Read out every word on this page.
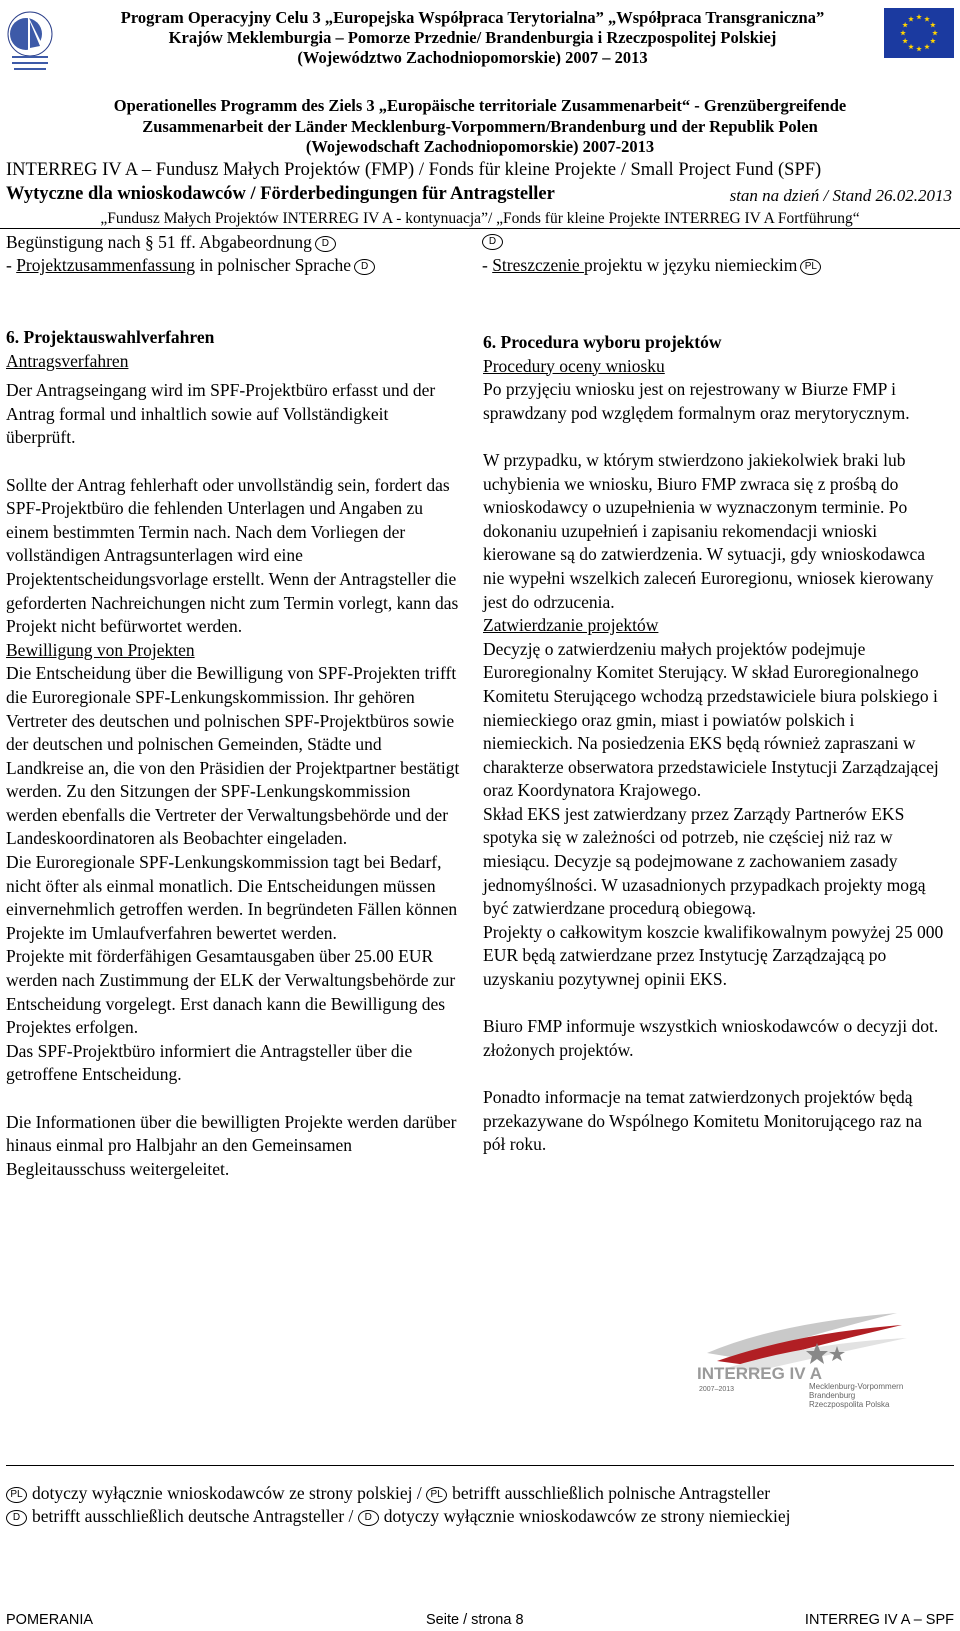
Program Operacyjny Celu 3 „Europejska Współpraca Terytorialna” „Współpraca Transgraniczna”
Krajów Meklemburgia – Pomorze Przednie/ Brandenburgia i Rzeczpospolitej Polskiej
(Województwo Zachodniopomorskie) 2007 – 2013
Operationelles Programm des Ziels 3 „Europäische territoriale Zusammenarbeit“ - Grenzübergreifende
Zusammenarbeit der Länder Mecklenburg-Vorpommern/Brandenburg und der Republik Polen
(Wojewodschaft Zachodniopomorskie) 2007-2013
INTERREG IV A – Fundusz Małych Projektów (FMP) / Fonds für kleine Projekte / Small Project Fund (SPF)
Wytyczne dla wnioskodawców / Förderbedingungen für Antragsteller	stan na dzień / Stand 26.02.2013
„Fundusz Małych Projektów INTERREG IV A - kontynuacja”/ „Fonds für kleine Projekte INTERREG IV A Fortführung“
Begünstigung nach § 51 ff. Abgabeordnung D
- Projektzusammenfassung in polnischer Sprache D
D
- Streszczenie projektu w języku niemieckim PL
6. Projektauswahlverfahren
Antragsverfahren

Der Antragseingang wird im SPF-Projektbüro erfasst und der Antrag formal und inhaltlich sowie auf Vollständigkeit überprüft.

Sollte der Antrag fehlerhaft oder unvollständig sein, fordert das SPF-Projektbüro die fehlenden Unterlagen und Angaben zu einem bestimmten Termin nach. Nach dem Vorliegen der vollständigen Antragsunterlagen wird eine Projektentscheidungsvorlage erstellt. Wenn der Antragsteller die geforderten Nachreichungen nicht zum Termin vorlegt, kann das Projekt nicht befürwortet werden.

Bewilligung von Projekten

Die Entscheidung über die Bewilligung von SPF-Projekten trifft die Euroregionale SPF-Lenkungskommission. Ihr gehören Vertreter des deutschen und polnischen SPF-Projektbüros sowie der deutschen und polnischen Gemeinden, Städte und Landkreise an, die von den Präsidien der Projektpartner bestätigt werden. Zu den Sitzungen der SPF-Lenkungskommission werden ebenfalls die Vertreter der Verwaltungsbehörde und der Landeskoordinatoren als Beobachter eingeladen.

Die Euroregionale SPF-Lenkungskommission tagt bei Bedarf, nicht öfter als einmal monatlich. Die Entscheidungen müssen einvernehmlich getroffen werden. In begründeten Fällen können Projekte im Umlaufverfahren bewertet werden.

Projekte mit förderfähigen Gesamtausgaben über 25.00 EUR werden nach Zustimmung der ELK der Verwaltungsbehörde zur Entscheidung vorgelegt. Erst danach kann die Bewilligung des Projektes erfolgen.

Das SPF-Projektbüro informiert die Antragsteller über die getroffene Entscheidung.

Die Informationen über die bewilligten Projekte werden darüber hinaus einmal pro Halbjahr an den Gemeinsamen Begleitausschuss weitergeleitet.

6. Procedura wyboru projektów
Procedury oceny wniosku

Po przyjęciu wniosku jest on rejestrowany w Biurze FMP i sprawdzany pod względem formalnym oraz merytorycznym.

W przypadku, w którym stwierdzono jakiekolwiek braki lub uchybienia we wniosku, Biuro FMP zwraca się z prośbą do wnioskodawcy o uzupełnienia w wyznaczonym terminie. Po dokonaniu uzupełnień i zapisaniu rekomendacji wnioski kierowane są do zatwierdzenia. W sytuacji, gdy wnioskodawca nie wypełni wszelkich zaleceń Euroregionu, wniosek kierowany jest do odrzucenia.

Zatwierdzanie projektów

Decyzję o zatwierdzeniu małych projektów podejmuje Euroregionalny Komitet Sterujący. W skład Euroregionalnego Komitetu Sterującego wchodzą przedstawiciele biura polskiego i niemieckiego oraz gmin, miast i powiatów polskich i niemieckich. Na posiedzenia EKS będą również zapraszani w charakterze obserwatora przedstawiciele Instytucji Zarządzającej oraz Koordynatora Krajowego.

Skład EKS jest zatwierdzany przez Zarządy Partnerów EKS spotyka się w zależności od potrzeb, nie częściej niż raz w miesiącu. Decyzje są podejmowane z zachowaniem zasady jednomyślności. W uzasadnionych przypadkach projekty mogą być zatwierdzane procedurą obiegową.

Projekty o całkowitym koszcie kwalifikowalnym powyżej 25 000 EUR będą zatwierdzane przez Instytucję Zarządzającą po uzyskaniu pozytywnej opinii EKS.

Biuro FMP informuje wszystkich wnioskodawców o decyzji dot. złożonych projektów.

Ponadto informacje na temat zatwierdzonych projektów będą przekazywane do Wspólnego Komitetu Monitorującego raz na pół roku.

INTERREG IV A
2007–2013	Mecklenburg-Vorpommern
Brandenburg
Rzeczpospolita Polska
PL dotyczy wyłącznie wnioskodawców ze strony polskiej / PL betrifft ausschließlich polnische Antragsteller
D betrifft ausschließlich deutsche Antragsteller / D dotyczy wyłącznie wnioskodawców ze strony niemieckiej
POMERANIA	Seite / strona 8	INTERREG IV A – SPF
